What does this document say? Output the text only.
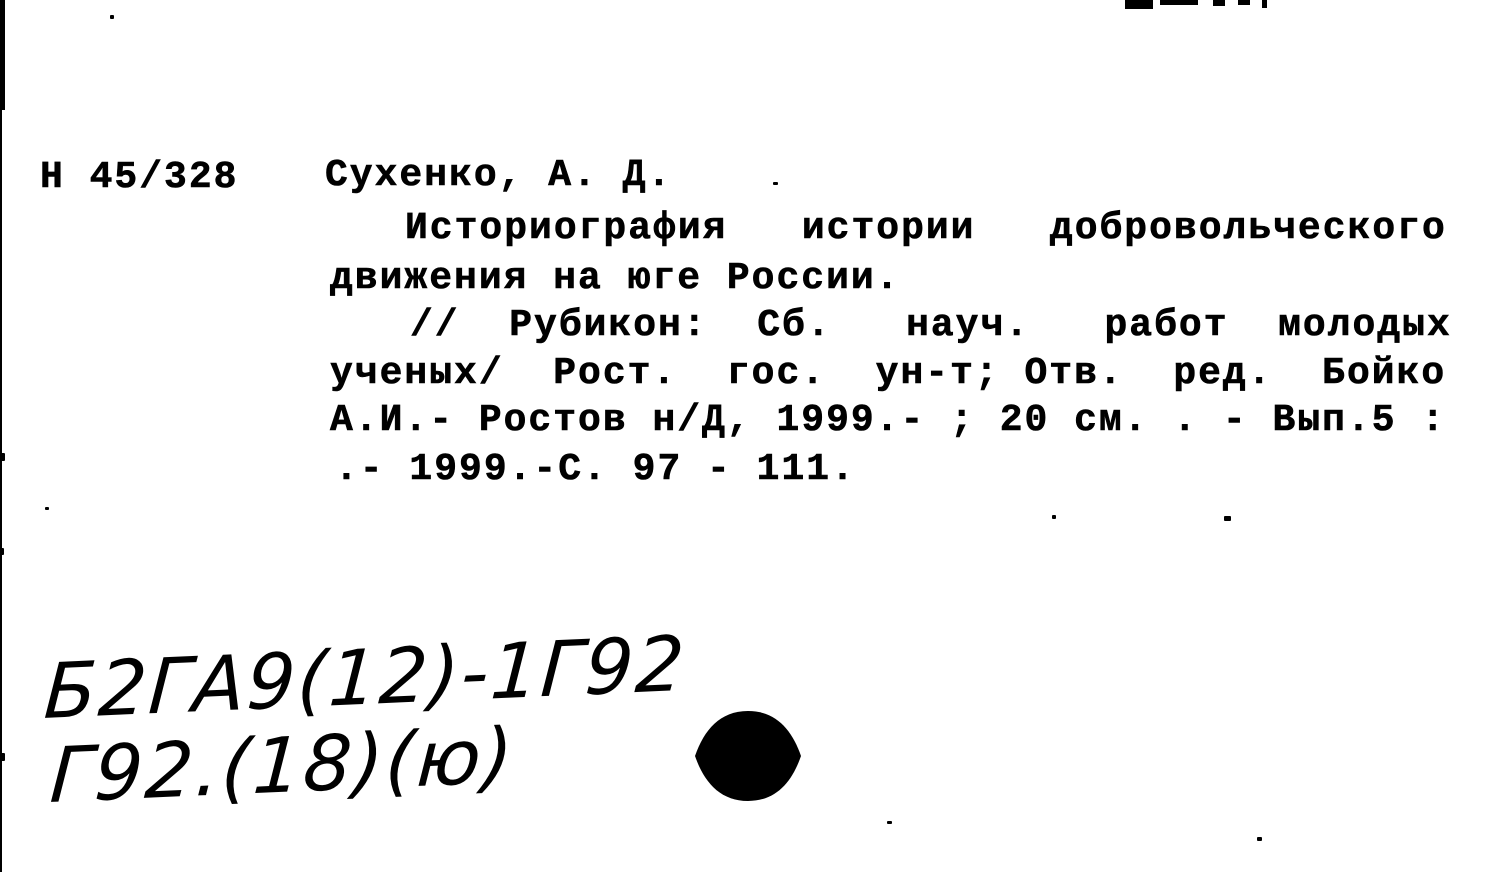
Н 45/328 Сухенко, А. Д.
Историография   истории   добровольческого
движения на юге России.
//  Рубикон:  Сб.   науч.   работ  молодых
ученых/  Рост.  гос.  ун-т; Отв.  ред.  Бойко
А.И.- Ростов н/Д, 1999.- ; 20 см. . - Вып.5 :
.- 1999.-С. 97 - 111.
Б2ГА9(12)-1Г92
Г92.(18)(ю)
